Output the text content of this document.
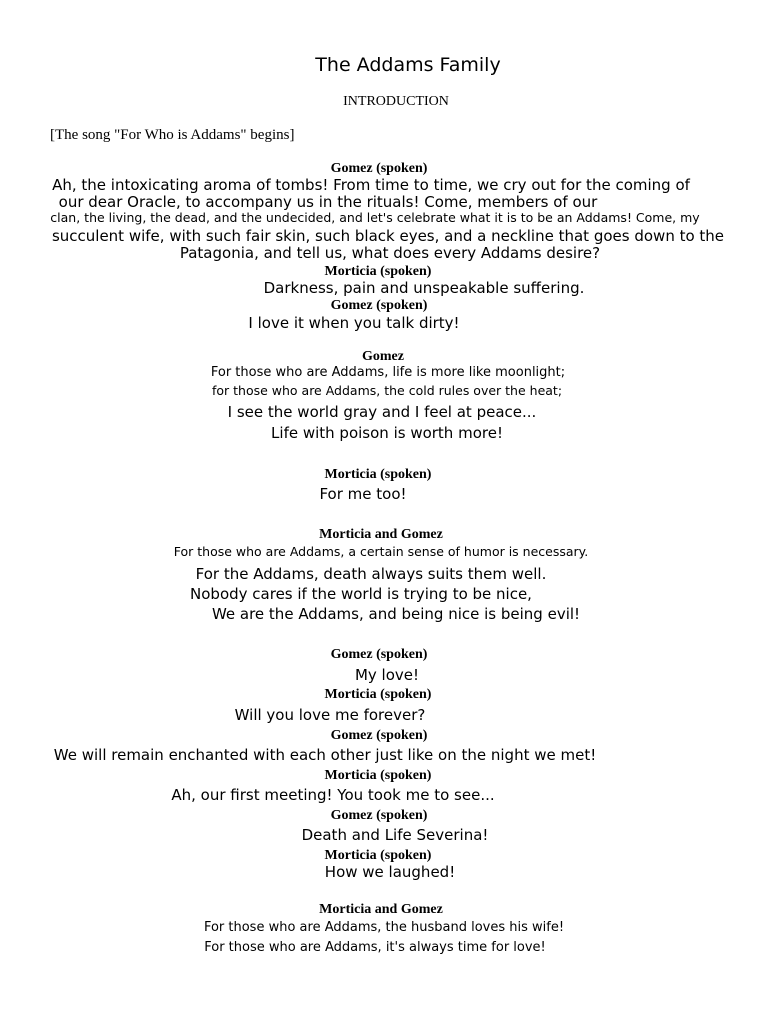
The Addams Family
INTRODUCTION
[The song "For Who is Addams" begins]
Gomez (spoken)
Ah, the intoxicating aroma of tombs! From time to time, we cry out for the coming of
our dear Oracle, to accompany us in the rituals! Come, members of our
clan, the living, the dead, and the undecided, and let's celebrate what it is to be an Addams! Come, my
succulent wife, with such fair skin, such black eyes, and a neckline that goes down to the
Patagonia, and tell us, what does every Addams desire?
Morticia (spoken)
Darkness, pain and unspeakable suffering.
Gomez (spoken)
I love it when you talk dirty!
Gomez
For those who are Addams, life is more like moonlight;
for those who are Addams, the cold rules over the heat;
I see the world gray and I feel at peace...
Life with poison is worth more!
Morticia (spoken)
For me too!
Morticia and Gomez
For those who are Addams, a certain sense of humor is necessary.
For the Addams, death always suits them well.
Nobody cares if the world is trying to be nice,
We are the Addams, and being nice is being evil!
Gomez (spoken)
My love!
Morticia (spoken)
Will you love me forever?
Gomez (spoken)
We will remain enchanted with each other just like on the night we met!
Morticia (spoken)
Ah, our first meeting! You took me to see...
Gomez (spoken)
Death and Life Severina!
Morticia (spoken)
How we laughed!
Morticia and Gomez
For those who are Addams, the husband loves his wife!
For those who are Addams, it's always time for love!
